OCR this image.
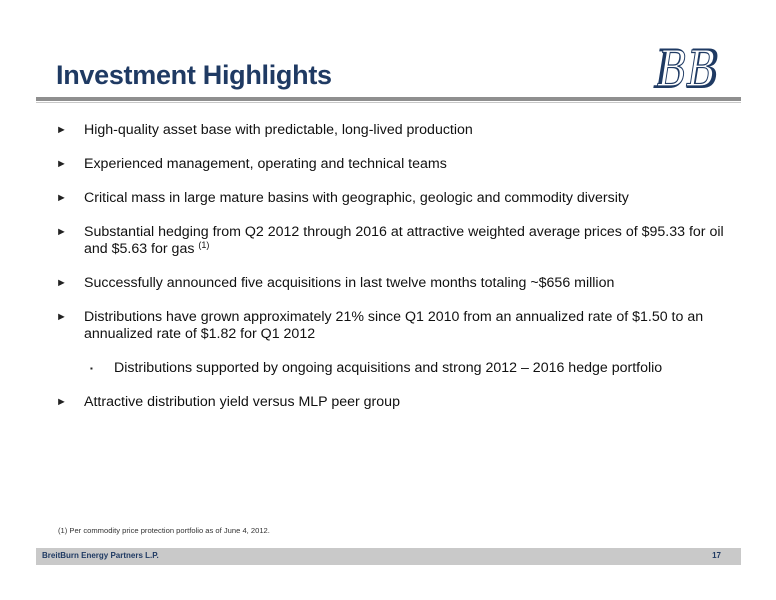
Investment Highlights	BB
BB
►	High-quality asset base with predictable, long-lived production
►	Experienced management, operating and technical teams
►	Critical mass in large mature basins with geographic, geologic and commodity diversity
►	Substantial hedging from Q2 2012 through 2016 at attractive weighted average prices of $95.33 for oil and $5.63 for gas $^{(1)}$
►	Successfully announced five acquisitions in last twelve months totaling ~$656 million
►	Distributions have grown approximately 21% since Q1 2010 from an annualized rate of $1.50 to an annualized rate of $1.82 for Q1 2012
▪	Distributions supported by ongoing acquisitions and strong 2012 – 2016 hedge portfolio
►	Attractive distribution yield versus MLP peer group
(1) Per commodity price protection portfolio as of June 4, 2012.
BreitBurn Energy Partners L.P.	17
